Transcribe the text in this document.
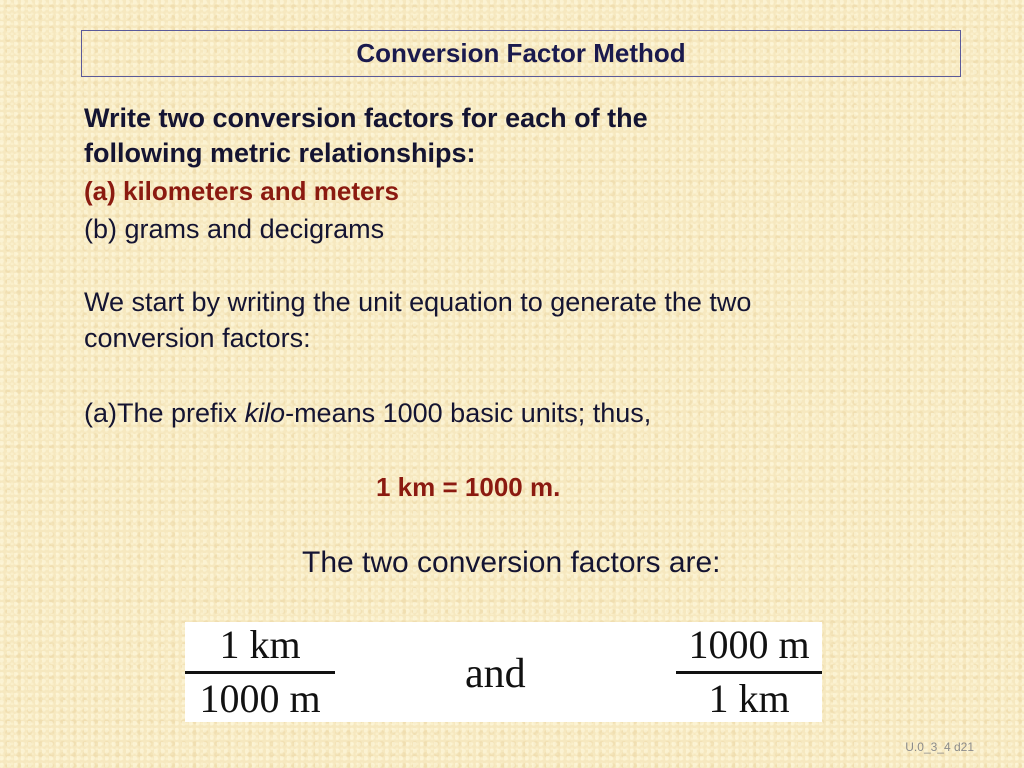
Conversion Factor Method
Write two conversion factors for each of the
following metric relationships:
(a) kilometers and meters
(b) grams and decigrams
We start by writing the unit equation to generate the two
conversion factors:
(a)The prefix kilo-means 1000 basic units; thus,
1 km = 1000 m.
The two conversion factors are:
1 km
1000 m
and
1000 m
1 km
U.0_3_4 d21
